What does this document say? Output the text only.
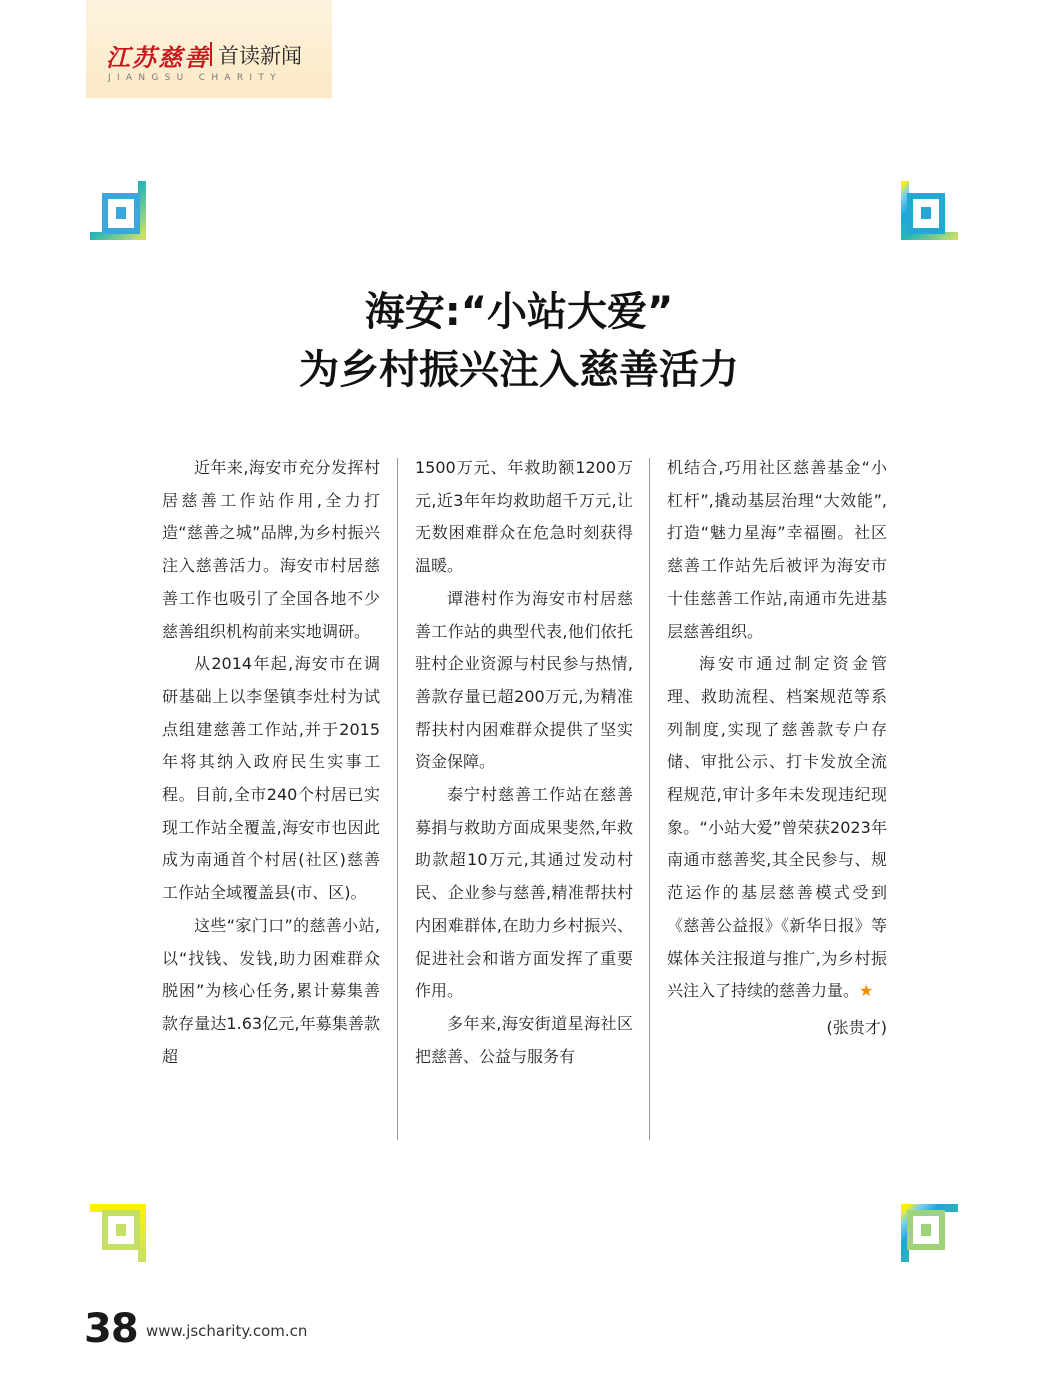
江苏慈善 首读新闻
JIANGSU CHARITY
海安:“小站大爱”
为乡村振兴注入慈善活力

近年来,海安市充分发挥村居慈善工作站作用,全力打造“慈善之城”品牌,为乡村振兴注入慈善活力。海安市村居慈善工作也吸引了全国各地不少慈善组织机构前来实地调研。

从2014年起,海安市在调研基础上以李堡镇李灶村为试点组建慈善工作站,并于2015年将其纳入政府民生实事工程。目前,全市240个村居已实现工作站全覆盖,海安市也因此成为南通首个村居(社区)慈善工作站全域覆盖县(市、区)。

这些“家门口”的慈善小站,以“找钱、发钱,助力困难群众脱困”为核心任务,累计募集善款存量达1.63亿元,年募集善款超

1500万元、年救助额1200万元,近3年年均救助超千万元,让无数困难群众在危急时刻获得温暖。

谭港村作为海安市村居慈善工作站的典型代表,他们依托驻村企业资源与村民参与热情,善款存量已超200万元,为精准帮扶村内困难群众提供了坚实资金保障。

泰宁村慈善工作站在慈善募捐与救助方面成果斐然,年救助款超10万元,其通过发动村民、企业参与慈善,精准帮扶村内困难群体,在助力乡村振兴、促进社会和谐方面发挥了重要作用。

多年来,海安街道星海社区把慈善、公益与服务有

机结合,巧用社区慈善基金“小杠杆”,撬动基层治理“大效能”,打造“魅力星海”幸福圈。社区慈善工作站先后被评为海安市十佳慈善工作站,南通市先进基层慈善组织。

海安市通过制定资金管理、救助流程、档案规范等系列制度,实现了慈善款专户存储、审批公示、打卡发放全流程规范,审计多年未发现违纪现象。“小站大爱”曾荣获2023年南通市慈善奖,其全民参与、规范运作的基层慈善模式受到《慈善公益报》《新华日报》等媒体关注报道与推广,为乡村振兴注入了持续的慈善力量。★

(张贵才)
38 www.jscharity.com.cn
